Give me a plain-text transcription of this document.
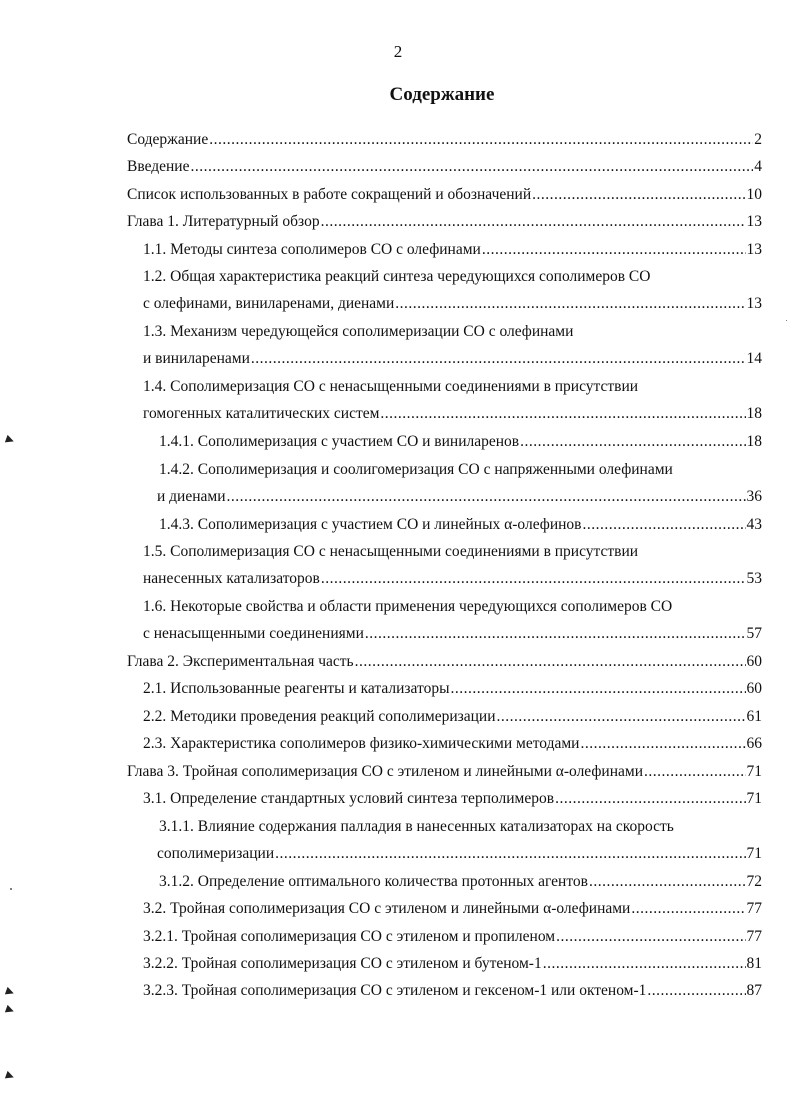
2
Содержание
Содержание .....	2
Введение .....	4
Список использованных в работе сокращений и обозначений .....	10
Глава 1. Литературный обзор .....	13
1.1. Методы синтеза сополимеров СО с олефинами .....	13
1.2. Общая характеристика реакций синтеза чередующихся сополимеров СО
с олефинами, виниларенами, диенами .....	13
1.3. Механизм чередующейся сополимеризации СО с олефинами
и виниларенами .....	14
1.4. Сополимеризация СО с ненасыщенными соединениями в присутствии
гомогенных каталитических систем .....	18
1.4.1. Сополимеризация с участием СО и виниларенов .....	18
1.4.2. Сополимеризация и соолигомеризация СО с напряженными олефинами
и диенами .....	36
1.4.3. Сополимеризация с участием СО и линейных α-олефинов .....	43
1.5. Сополимеризация СО с ненасыщенными соединениями в присутствии
нанесенных катализаторов .....	53
1.6. Некоторые свойства и области применения чередующихся сополимеров СО
с ненасыщенными соединениями .....	57
Глава 2. Экспериментальная часть .....	60
2.1. Использованные реагенты и катализаторы .....	60
2.2. Методики проведения реакций сополимеризации .....	61
2.3. Характеристика сополимеров физико-химическими методами .....	66
Глава 3. Тройная сополимеризация СО с этиленом и линейными α-олефинами .....	71
3.1. Определение стандартных условий синтеза терполимеров .....	71
3.1.1. Влияние содержания палладия в нанесенных катализаторах на скорость
сополимеризации .....	71
3.1.2. Определение оптимального количества протонных агентов .....	72
3.2. Тройная сополимеризация СО с этиленом и линейными α-олефинами .....	77
3.2.1. Тройная сополимеризация СО с этиленом и пропиленом .....	77
3.2.2. Тройная сополимеризация СО с этиленом и бутеном-1 .....	81
3.2.3. Тройная сополимеризация СО с этиленом и гексеном-1 или октеном-1 .....	87
